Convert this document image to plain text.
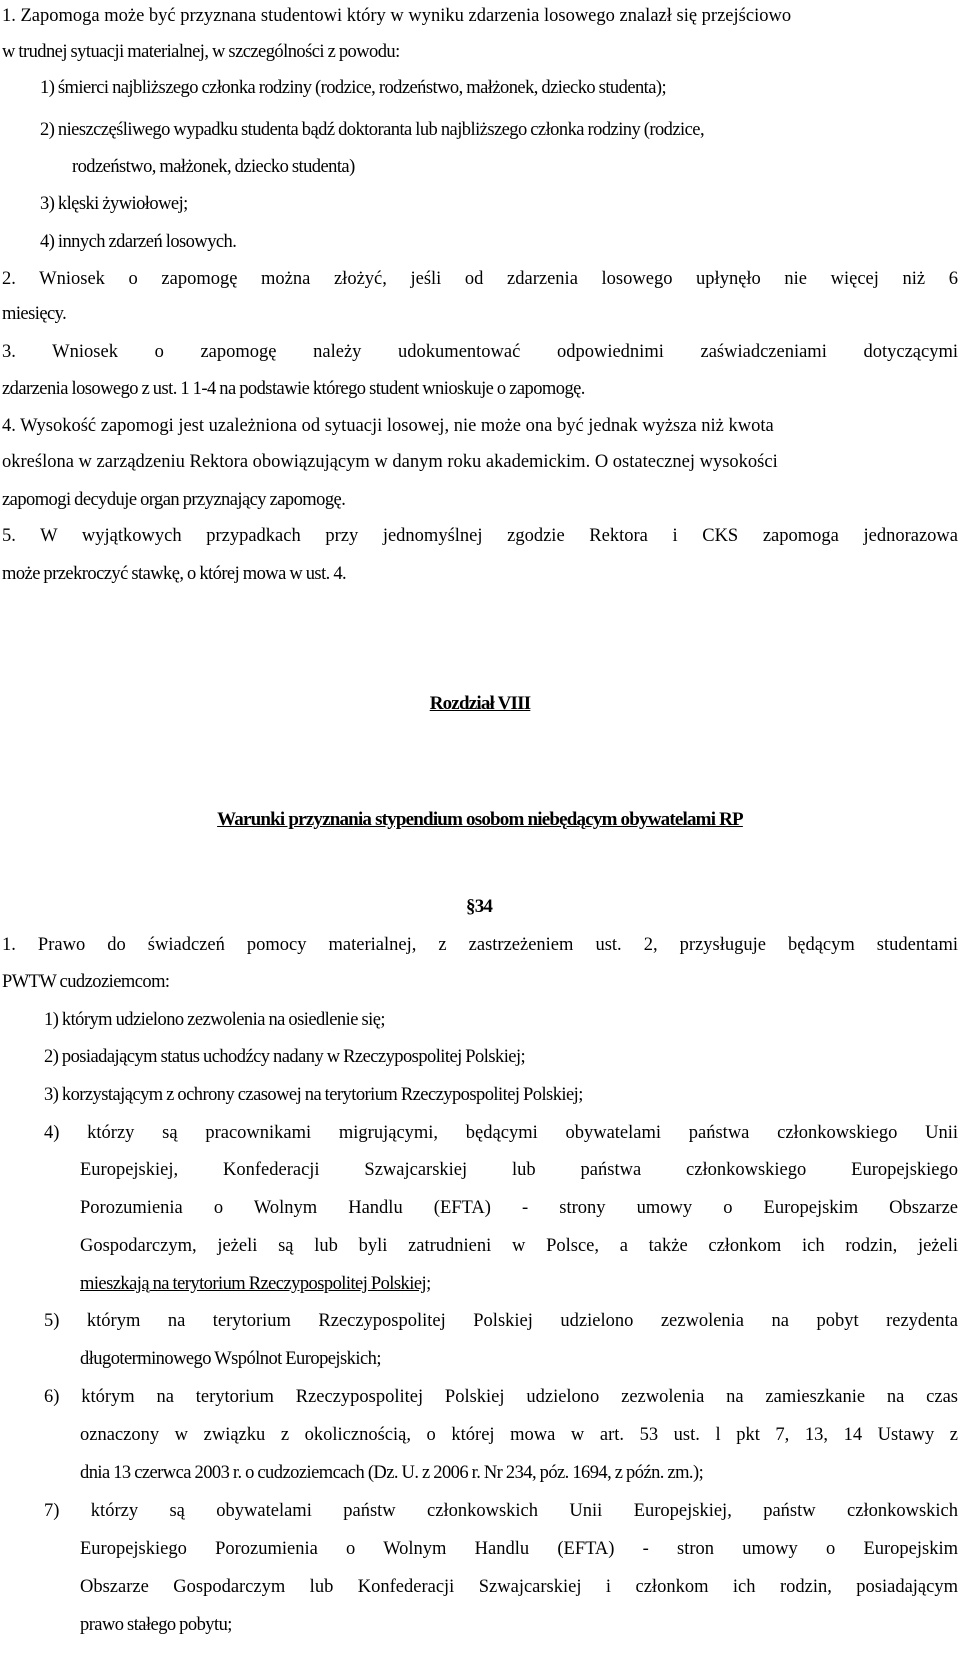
1. Zapomoga może być przyznana studentowi który w wyniku zdarzenia losowego znalazł się przejściowo

w trudnej sytuacji materialnej, w szczególności z powodu:

1) śmierci najbliższego członka rodziny (rodzice, rodzeństwo, małżonek, dziecko studenta);

2) nieszczęśliwego wypadku studenta bądź doktoranta lub najbliższego członka rodziny (rodzice,

rodzeństwo, małżonek, dziecko studenta)

3) klęski żywiołowej;

4) innych zdarzeń losowych.

2. Wniosek o zapomogę można złożyć, jeśli od zdarzenia losowego upłynęło nie więcej niż 6

miesięcy.

3. Wniosek o zapomogę należy udokumentować odpowiednimi zaświadczeniami dotyczącymi

zdarzenia losowego z ust. 1 1-4 na podstawie którego student wnioskuje o zapomogę.

4. Wysokość zapomogi jest uzależniona od sytuacji losowej, nie może ona być jednak wyższa niż kwota

określona w zarządzeniu Rektora obowiązującym w danym roku akademickim. O ostatecznej wysokości

zapomogi decyduje organ przyznający zapomogę.

5. W wyjątkowych przypadkach przy jednomyślnej zgodzie Rektora i CKS zapomoga jednorazowa

może przekroczyć stawkę, o której mowa w ust. 4.

Rozdział VIII
Warunki przyznania stypendium osobom niebędącym obywatelami RP
§34

1. Prawo do świadczeń pomocy materialnej, z zastrzeżeniem ust. 2, przysługuje będącym studentami

PWTW cudzoziemcom:

1) którym udzielono zezwolenia na osiedlenie się;

2) posiadającym status uchodźcy nadany w Rzeczypospolitej Polskiej;

3) korzystającym z ochrony czasowej na terytorium Rzeczypospolitej Polskiej;

4) którzy są pracownikami migrującymi, będącymi obywatelami państwa członkowskiego Unii

Europejskiej, Konfederacji Szwajcarskiej lub państwa członkowskiego Europejskiego

Porozumienia o Wolnym Handlu (EFTA) - strony umowy o Europejskim Obszarze

Gospodarczym, jeżeli są lub byli zatrudnieni w Polsce, a także członkom ich rodzin, jeżeli

mieszkają na terytorium Rzeczypospolitej Polskiej;

5) którym na terytorium Rzeczypospolitej Polskiej udzielono zezwolenia na pobyt rezydenta

długoterminowego Wspólnot Europejskich;

6) którym na terytorium Rzeczypospolitej Polskiej udzielono zezwolenia na zamieszkanie na czas

oznaczony w związku z okolicznością, o której mowa w art. 53 ust. l pkt 7, 13, 14 Ustawy z

dnia 13 czerwca 2003 r. o cudzoziemcach (Dz. U. z 2006 r. Nr 234, póz. 1694, z późn. zm.);

7) którzy są obywatelami państw członkowskich Unii Europejskiej, państw członkowskich

Europejskiego Porozumienia o Wolnym Handlu (EFTA) - stron umowy o Europejskim

Obszarze Gospodarczym lub Konfederacji Szwajcarskiej i członkom ich rodzin, posiadającym

prawo stałego pobytu;
